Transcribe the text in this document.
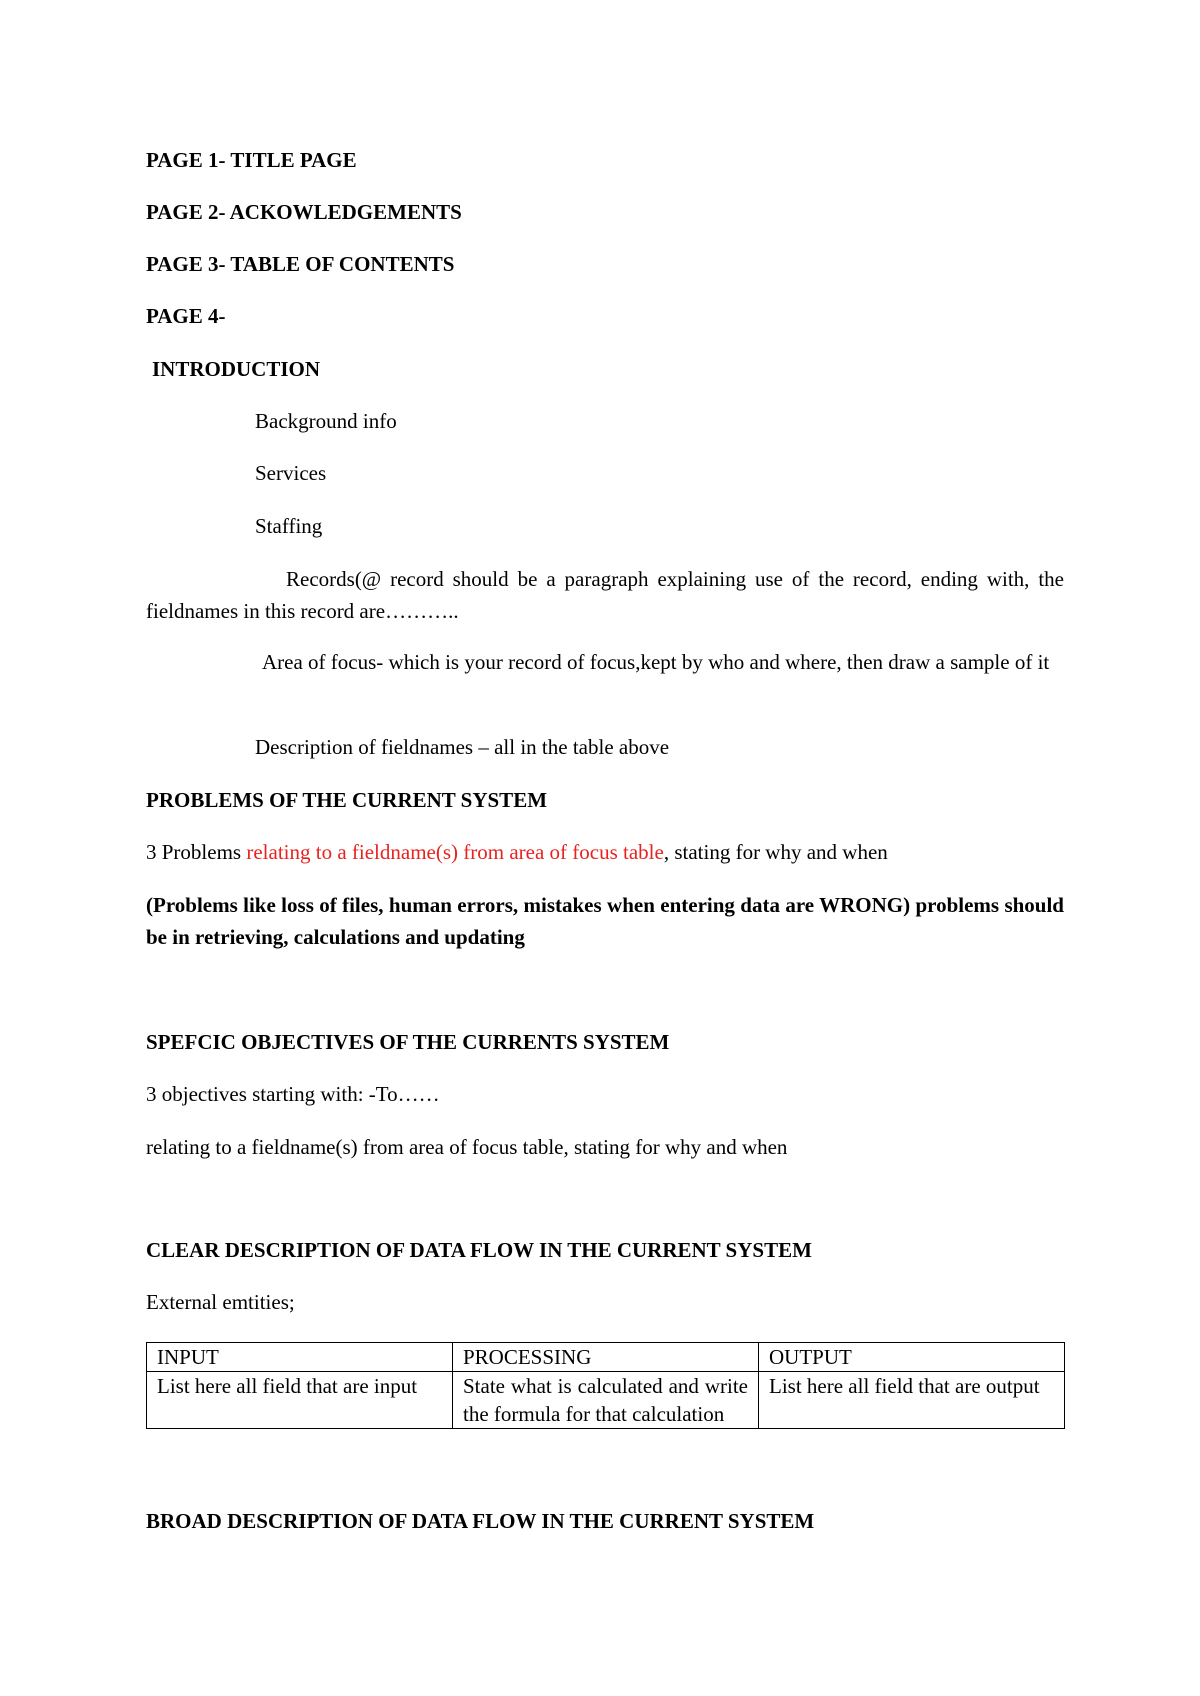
PAGE 1- TITLE PAGE
PAGE 2- ACKOWLEDGEMENTS
PAGE 3- TABLE OF CONTENTS
PAGE 4-
INTRODUCTION
Background info
Services
Staffing
Records(@ record should be a paragraph explaining use of the record, ending with, the fieldnames in this record are………..
Area of focus- which is your record of focus,kept by who and where, then draw a sample of it
Description of fieldnames – all in the table above
PROBLEMS OF THE CURRENT SYSTEM
3 Problems relating to a fieldname(s) from area of focus table, stating for why and when
(Problems like loss of files, human errors, mistakes when entering data are WRONG) problems should be in retrieving, calculations and updating
SPEFCIC OBJECTIVES OF THE CURRENTS SYSTEM
3 objectives starting with: -To……
relating to a fieldname(s) from area of focus table, stating for why and when
CLEAR DESCRIPTION OF DATA FLOW IN THE CURRENT SYSTEM
External emtities;
INPUT	PROCESSING	OUTPUT
List here all field that are input	State what is calculated and write the formula for that calculation	List here all field that are output
BROAD DESCRIPTION OF DATA FLOW IN THE CURRENT SYSTEM
